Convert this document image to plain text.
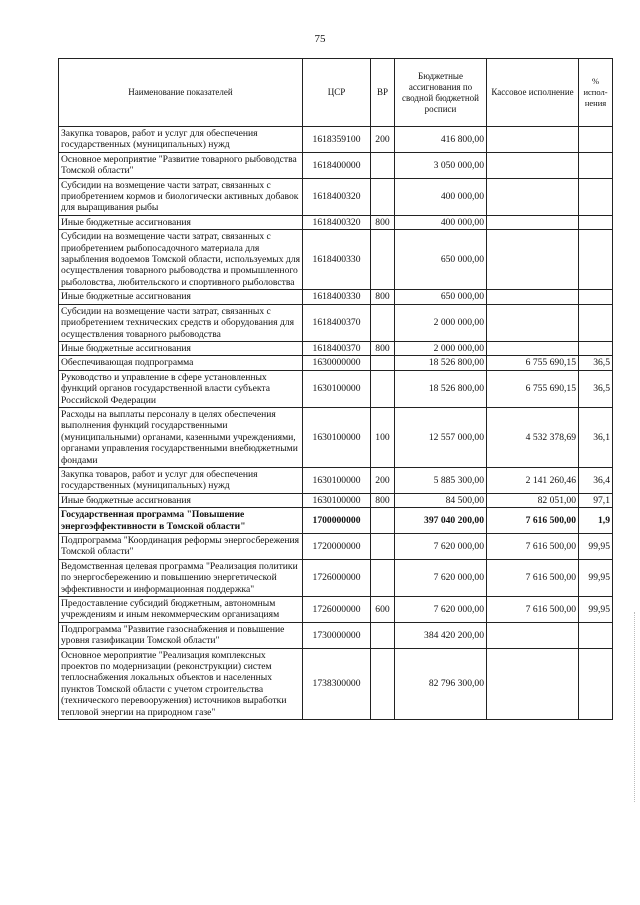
75
Наименование показателей	ЦСР	ВР	Бюджетные ассигнования по сводной бюджетной росписи	Кассовое исполнение	% испол-нения
Закупка товаров, работ и услуг для обеспечения государственных (муниципальных) нужд	1618359100	200	416 800,00		
Основное мероприятие "Развитие товарного рыбоводства Томской области"	1618400000		3 050 000,00		
Субсидии на возмещение части затрат, связанных с приобретением кормов и биологически активных добавок для выращивания рыбы	1618400320		400 000,00		
Иные бюджетные ассигнования	1618400320	800	400 000,00		
Субсидии на возмещение части затрат, связанных с приобретением рыбопосадочного материала для зарыбления водоемов Томской области, используемых для осуществления товарного рыбоводства и промышленного рыболовства, любительского и спортивного рыболовства	1618400330		650 000,00		
Иные бюджетные ассигнования	1618400330	800	650 000,00		
Субсидии на возмещение части затрат, связанных с приобретением технических средств и оборудования для осуществления товарного рыбоводства	1618400370		2 000 000,00		
Иные бюджетные ассигнования	1618400370	800	2 000 000,00		
Обеспечивающая подпрограмма	1630000000		18 526 800,00	6 755 690,15	36,5
Руководство и управление в сфере установленных функций органов государственной власти субъекта Российской Федерации	1630100000		18 526 800,00	6 755 690,15	36,5
Расходы на выплаты персоналу в целях обеспечения выполнения функций государственными (муниципальными) органами, казенными учреждениями, органами управления государственными внебюджетными фондами	1630100000	100	12 557 000,00	4 532 378,69	36,1
Закупка товаров, работ и услуг для обеспечения государственных (муниципальных) нужд	1630100000	200	5 885 300,00	2 141 260,46	36,4
Иные бюджетные ассигнования	1630100000	800	84 500,00	82 051,00	97,1
Государственная программа "Повышение энергоэффективности в Томской области"	1700000000		397 040 200,00	7 616 500,00	1,9
Подпрограмма "Координация реформы энергосбережения Томской области"	1720000000		7 620 000,00	7 616 500,00	99,95
Ведомственная целевая программа "Реализация политики по энергосбережению и повышению энергетической эффективности и информационная поддержка"	1726000000		7 620 000,00	7 616 500,00	99,95
Предоставление субсидий бюджетным, автономным учреждениям и иным некоммерческим организациям	1726000000	600	7 620 000,00	7 616 500,00	99,95
Подпрограмма "Развитие газоснабжения и повышение уровня газификации Томской области"	1730000000		384 420 200,00		
Основное мероприятие "Реализация комплексных проектов по модернизации (реконструкции) систем теплоснабжения локальных объектов и населенных пунктов Томской области с учетом строительства (технического перевооружения) источников выработки тепловой энергии на природном газе"	1738300000		82 796 300,00		
